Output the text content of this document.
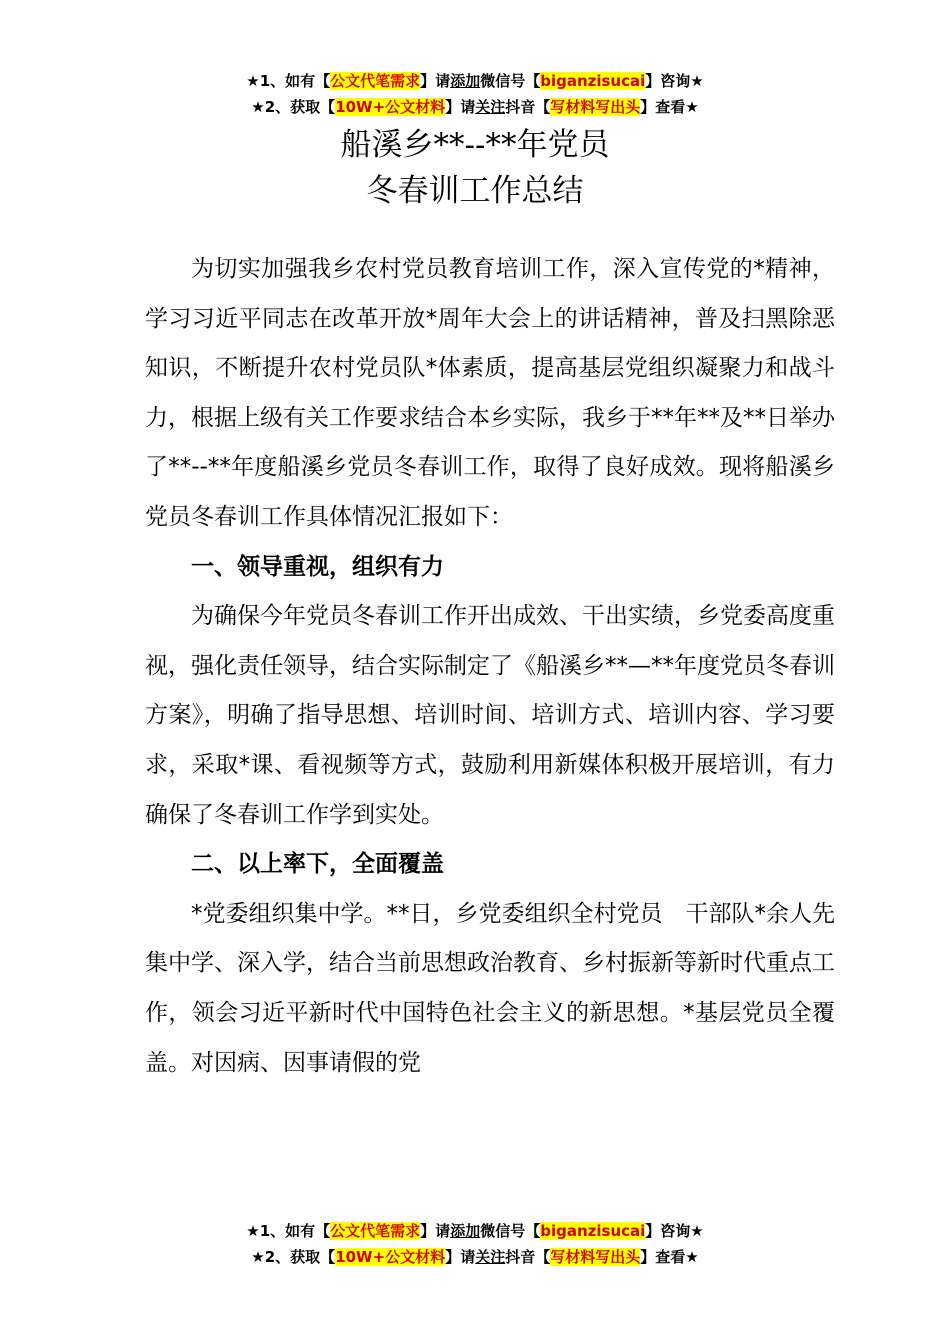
★1、如有【公文代笔需求】请添加微信号【biganzisucai】咨询★
★2、获取【10W+公文材料】请关注抖音【写材料写出头】查看★
船溪乡**--**年党员
冬春训工作总结

为切实加强我乡农村党员教育培训工作，深入宣传党的*精神，学习习近平同志在改革开放*周年大会上的讲话精神，普及扫黑除恶知识，不断提升农村党员队*体素质，提高基层党组织凝聚力和战斗力，根据上级有关工作要求结合本乡实际，我乡于**年**及**日举办了**--**年度船溪乡党员冬春训工作，取得了良好成效。现将船溪乡党员冬春训工作具体情况汇报如下：

一、领导重视，组织有力

为确保今年党员冬春训工作开出成效、干出实绩，乡党委高度重视，强化责任领导，结合实际制定了《船溪乡**—**年度党员冬春训方案》，明确了指导思想、培训时间、培训方式、培训内容、学习要求，采取*课、看视频等方式，鼓励利用新媒体积极开展培训，有力确保了冬春训工作学到实处。

二、以上率下，全面覆盖

*党委组织集中学。**日，乡党委组织全村党员　干部队*余人先集中学、深入学，结合当前思想政治教育、乡村振新等新时代重点工作，领会习近平新时代中国特色社会主义的新思想。*基层党员全覆盖。对因病、因事请假的党

★1、如有【公文代笔需求】请添加微信号【biganzisucai】咨询★
★2、获取【10W+公文材料】请关注抖音【写材料写出头】查看★
